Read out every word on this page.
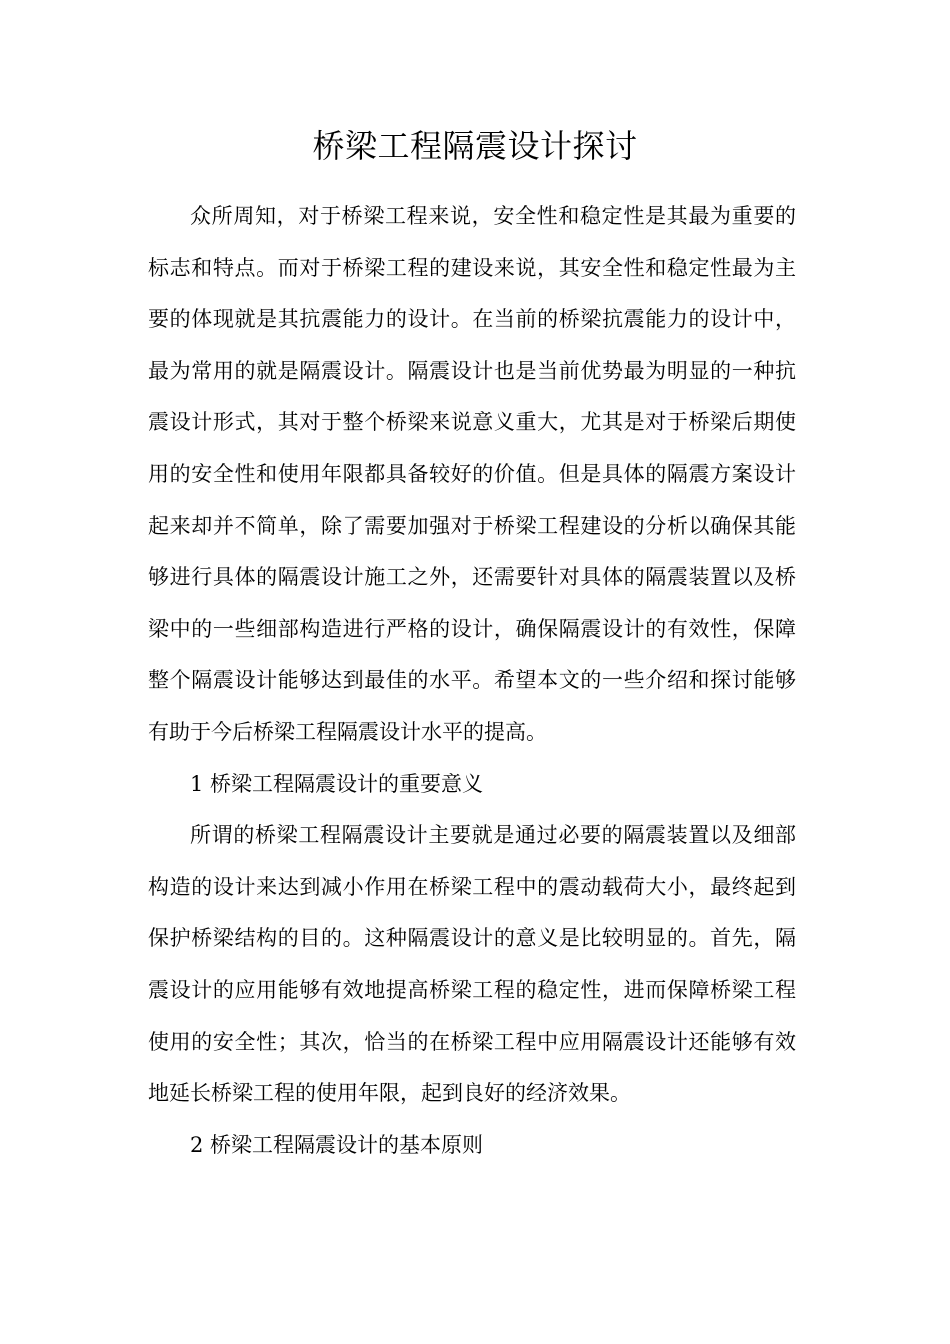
桥梁工程隔震设计探讨

众所周知，对于桥梁工程来说，安全性和稳定性是其最为重要的标志和特点。而对于桥梁工程的建设来说，其安全性和稳定性最为主要的体现就是其抗震能力的设计。在当前的桥梁抗震能力的设计中，最为常用的就是隔震设计。隔震设计也是当前优势最为明显的一种抗震设计形式，其对于整个桥梁来说意义重大，尤其是对于桥梁后期使用的安全性和使用年限都具备较好的价值。但是具体的隔震方案设计起来却并不简单，除了需要加强对于桥梁工程建设的分析以确保其能够进行具体的隔震设计施工之外，还需要针对具体的隔震装置以及桥梁中的一些细部构造进行严格的设计，确保隔震设计的有效性，保障整个隔震设计能够达到最佳的水平。希望本文的一些介绍和探讨能够有助于今后桥梁工程隔震设计水平的提高。

1 桥梁工程隔震设计的重要意义

所谓的桥梁工程隔震设计主要就是通过必要的隔震装置以及细部构造的设计来达到减小作用在桥梁工程中的震动载荷大小，最终起到保护桥梁结构的目的。这种隔震设计的意义是比较明显的。首先，隔震设计的应用能够有效地提高桥梁工程的稳定性，进而保障桥梁工程使用的安全性；其次，恰当的在桥梁工程中应用隔震设计还能够有效地延长桥梁工程的使用年限，起到良好的经济效果。

2 桥梁工程隔震设计的基本原则
